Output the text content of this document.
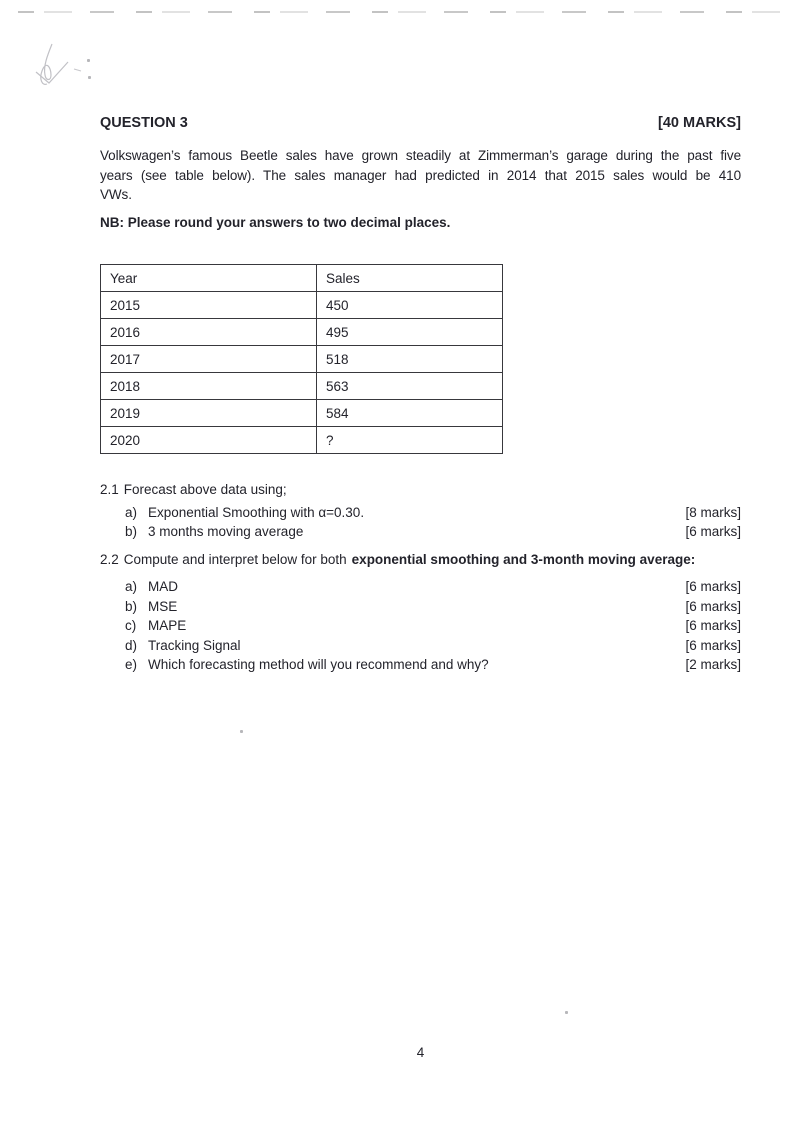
QUESTION 3	[40 MARKS]
Volkswagen’s famous Beetle sales have grown steadily at Zimmerman’s garage during the past five
years (see table below). The sales manager had predicted in 2014 that 2015 sales would be 410
VWs.
NB: Please round your answers to two decimal places.
Year	Sales
2015	450
2016	495
2017	518
2018	563
2019	584
2020	?
2.1 Forecast above data using;
a) Exponential Smoothing with α=0.30.	[8 marks]
b) 3 months moving average	[6 marks]
2.2 Compute and interpret below for both exponential smoothing and 3-month moving average:
a) MAD	[6 marks]
b) MSE	[6 marks]
c) MAPE	[6 marks]
d) Tracking Signal	[6 marks]
e) Which forecasting method will you recommend and why?	[2 marks]
4
